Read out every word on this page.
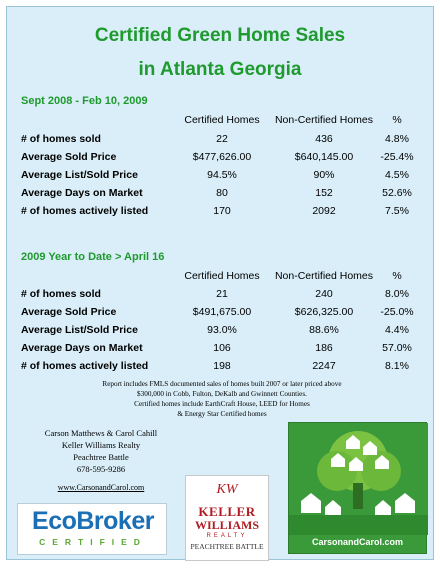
Certified Green Home Sales
in Atlanta Georgia
Sept 2008 - Feb 10, 2009
Certified Homes	Non-Certified Homes	%
# of homes sold	22	436	4.8%
Average Sold Price	$477,626.00	$640,145.00	-25.4%
Average List/Sold Price	94.5%	90%	4.5%
Average Days on Market	80	152	52.6%
# of homes actively listed	170	2092	7.5%
2009 Year to Date > April 16
Certified Homes	Non-Certified Homes	%
# of homes sold	21	240	8.0%
Average Sold Price	$491,675.00	$626,325.00	-25.0%
Average List/Sold Price	93.0%	88.6%	4.4%
Average Days on Market	106	186	57.0%
# of homes actively listed	198	2247	8.1%
Report includes FMLS documented sales of homes built 2007 or later priced above
$300,000 in Cobb, Fulton, DeKalb and Gwinnett Counties.
Certified homes include EarthCraft House, LEED for Homes
& Energy Star Certified homes
Carson Matthews & Carol Cahill
Keller Williams Realty
Peachtree Battle
678-595-9286
www.CarsonandCarol.com
EcoBroker
CERTIFIED
KW
KELLER
WILLIAMS
REALTY
PEACHTREE BATTLE	CarsonandCarol.com
